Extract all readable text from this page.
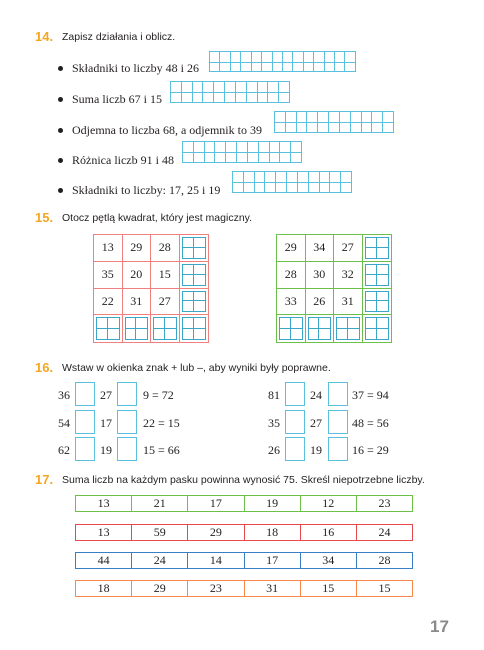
14. Zapisz działania i oblicz.
Składniki to liczby 48 i 26
Suma liczb 67 i 15
Odjemna to liczba 68, a odjemnik to 39
Różnica liczb 91 i 48
Składniki to liczby: 17, 25 i 19
15. Otocz pętlą kwadrat, który jest magiczny.
13	29	28
35	20	15
22	31	27
29	34	27
28	30	32
33	26	31
16. Wstaw w okienka znak + lub –, aby wyniki były poprawne.
36	27	9 = 72
54	17	22 = 15
62	19	15 = 66
81	24	37 = 94
35	27	48 = 56
26	19	16 = 29
17. Suma liczb na każdym pasku powinna wynosić 75. Skreśl niepotrzebne liczby.
13	21	17	19	12	23
13	59	29	18	16	24
44	24	14	17	34	28
18	29	23	31	15	15
17
